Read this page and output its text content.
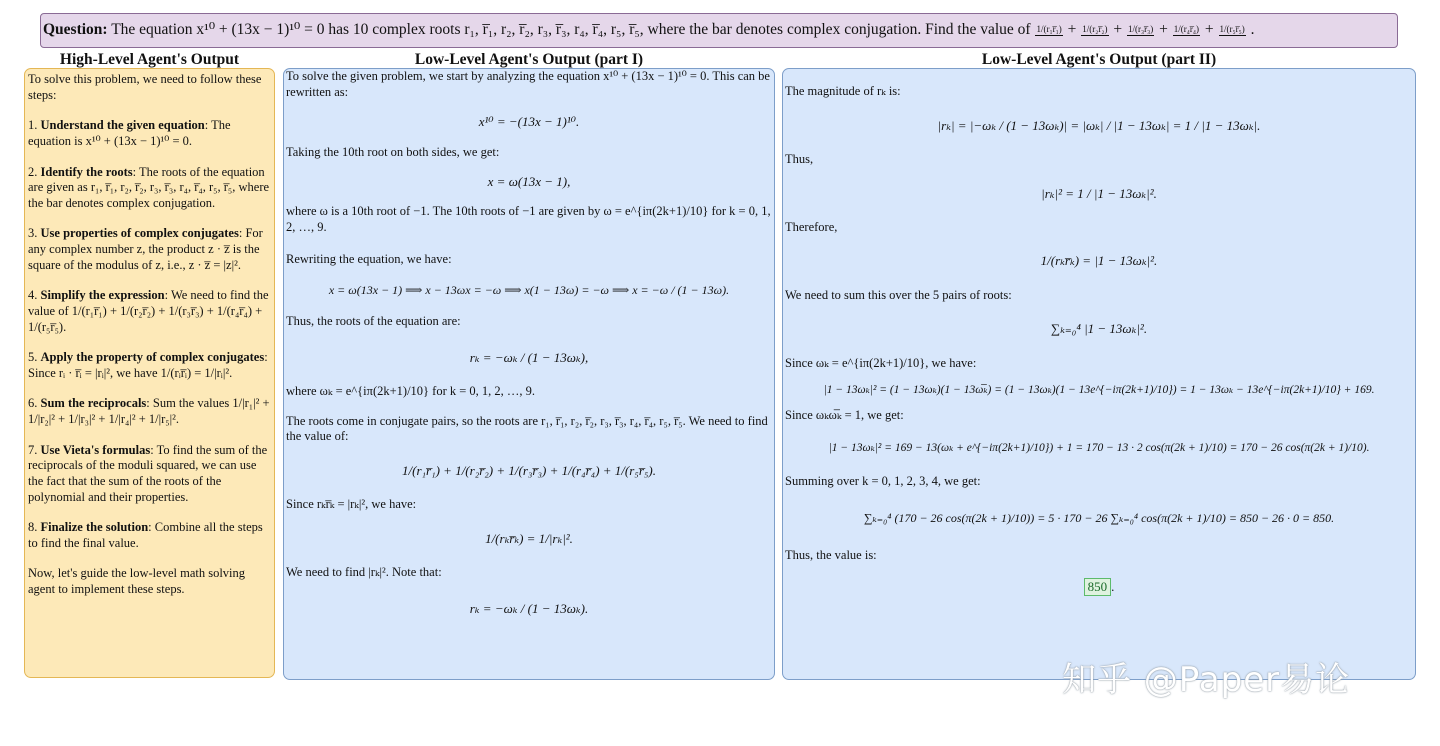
Question: The equation x¹⁰ + (13x − 1)¹⁰ = 0 has 10 complex roots r₁, r̅₁, r₂, r̅₂, r₃, r̅₃, r₄, r̅₄, r₅, r̅₅, where the bar denotes complex conjugation. Find the value of 1/(r₁r̅₁) + 1/(r₂r̅₂) + 1/(r₃r̅₃) + 1/(r₄r̅₄) + 1/(r₅r̅₅) .
High-Level Agent's Output	Low-Level Agent's Output (part I)	Low-Level Agent's Output (part II)

To solve this problem, we need to follow these steps:

1. Understand the given equation: The equation is x¹⁰ + (13x − 1)¹⁰ = 0.

2. Identify the roots: The roots of the equation are given as r₁, r̅₁, r₂, r̅₂, r₃, r̅₃, r₄, r̅₄, r₅, r̅₅, where the bar denotes complex conjugation.

3. Use properties of complex conjugates: For any complex number z, the product z · z̅ is the square of the modulus of z, i.e., z · z̅ = |z|².

4. Simplify the expression: We need to find the value of 1/(r₁r̅₁) + 1/(r₂r̅₂) + 1/(r₃r̅₃) + 1/(r₄r̅₄) + 1/(r₅r̅₅).

5. Apply the property of complex conjugates: Since rᵢ · r̅ᵢ = |rᵢ|², we have 1/(rᵢr̅ᵢ) = 1/|rᵢ|².

6. Sum the reciprocals: Sum the values 1/|r₁|² + 1/|r₂|² + 1/|r₃|² + 1/|r₄|² + 1/|r₅|².

7. Use Vieta's formulas: To find the sum of the reciprocals of the moduli squared, we can use the fact that the sum of the roots of the polynomial and their properties.

8. Finalize the solution: Combine all the steps to find the final value.

Now, let's guide the low-level math solving agent to implement these steps.

To solve the given problem, we start by analyzing the equation x¹⁰ + (13x − 1)¹⁰ = 0. This can be rewritten as:

x¹⁰ = −(13x − 1)¹⁰.

Taking the 10th root on both sides, we get:

x = ω(13x − 1),

where ω is a 10th root of −1. The 10th roots of −1 are given by ω = e^{iπ(2k+1)/10} for k = 0, 1, 2, …, 9.

Rewriting the equation, we have:

x = ω(13x − 1) ⟹ x − 13ωx = −ω ⟹ x(1 − 13ω) = −ω ⟹ x = −ω / (1 − 13ω).

Thus, the roots of the equation are:

rₖ = −ωₖ / (1 − 13ωₖ),

where ωₖ = e^{iπ(2k+1)/10} for k = 0, 1, 2, …, 9.

The roots come in conjugate pairs, so the roots are r₁, r̅₁, r₂, r̅₂, r₃, r̅₃, r₄, r̅₄, r₅, r̅₅. We need to find the value of:

1/(r₁r̅₁) + 1/(r₂r̅₂) + 1/(r₃r̅₃) + 1/(r₄r̅₄) + 1/(r₅r̅₅).

Since rₖr̅ₖ = |rₖ|², we have:

1/(rₖr̅ₖ) = 1/|rₖ|².

We need to find |rₖ|². Note that:

rₖ = −ωₖ / (1 − 13ωₖ).

The magnitude of rₖ is:

|rₖ| = |−ωₖ / (1 − 13ωₖ)| = |ωₖ| / |1 − 13ωₖ| = 1 / |1 − 13ωₖ|.

Thus,

|rₖ|² = 1 / |1 − 13ωₖ|².

Therefore,

1/(rₖr̅ₖ) = |1 − 13ωₖ|².

We need to sum this over the 5 pairs of roots:

∑ₖ₌₀⁴ |1 − 13ωₖ|².

Since ωₖ = e^{iπ(2k+1)/10}, we have:

|1 − 13ωₖ|² = (1 − 13ωₖ)(1 − 13ω̅ₖ) = (1 − 13ωₖ)(1 − 13e^{−iπ(2k+1)/10}) = 1 − 13ωₖ − 13e^{−iπ(2k+1)/10} + 169.

Since ωₖω̅ₖ = 1, we get:

|1 − 13ωₖ|² = 169 − 13(ωₖ + e^{−iπ(2k+1)/10}) + 1 = 170 − 13 · 2 cos(π(2k + 1)/10) = 170 − 26 cos(π(2k + 1)/10).

Summing over k = 0, 1, 2, 3, 4, we get:

∑ₖ₌₀⁴ (170 − 26 cos(π(2k + 1)/10)) = 5 · 170 − 26 ∑ₖ₌₀⁴ cos(π(2k + 1)/10) = 850 − 26 · 0 = 850.

Thus, the value is:

850 .
知乎 @Paper易论
